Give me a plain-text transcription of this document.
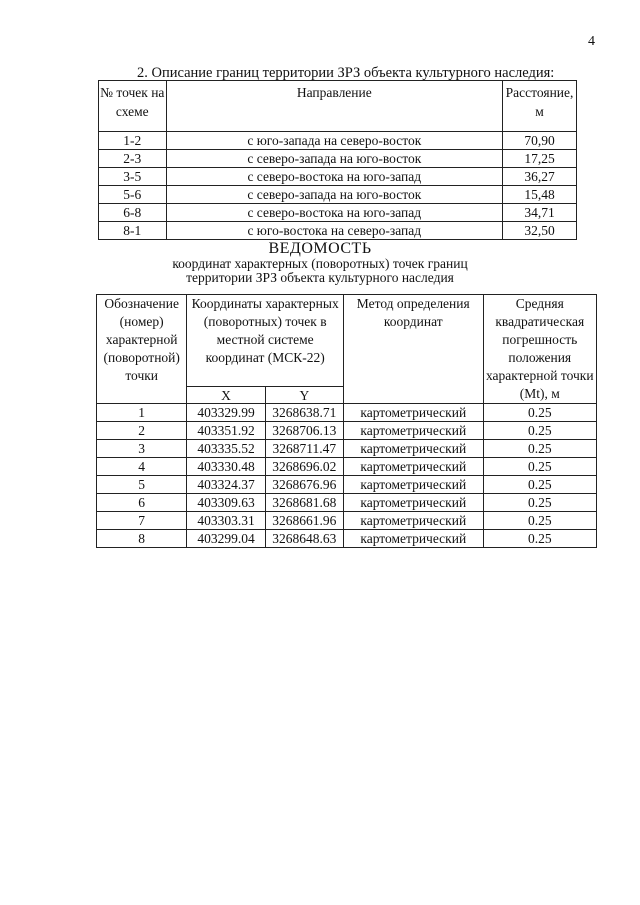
4
2. Описание границ территории ЗРЗ объекта культурного наследия:
№ точек на схеме	Направление	Расстояние, м
1-2	с юго-запада на северо-восток	70,90
2-3	с северо-запада на юго-восток	17,25
3-5	с северо-востока на юго-запад	36,27
5-6	с северо-запада на юго-восток	15,48
6-8	с северо-востока на юго-запад	34,71
8-1	с юго-востока на северо-запад	32,50
ВЕДОМОСТЬ
координат характерных (поворотных) точек границ
территории ЗРЗ объекта культурного наследия
Обозначение (номер) характерной (поворотной) точки	Координаты характерных (поворотных) точек в местной системе координат (МСК-22)		Метод определения координат	Средняя квадратическая погрешность положения характерной точки (Mt), м
	X	Y		
1	403329.99	3268638.71	картометрический	0.25
2	403351.92	3268706.13	картометрический	0.25
3	403335.52	3268711.47	картометрический	0.25
4	403330.48	3268696.02	картометрический	0.25
5	403324.37	3268676.96	картометрический	0.25
6	403309.63	3268681.68	картометрический	0.25
7	403303.31	3268661.96	картометрический	0.25
8	403299.04	3268648.63	картометрический	0.25
